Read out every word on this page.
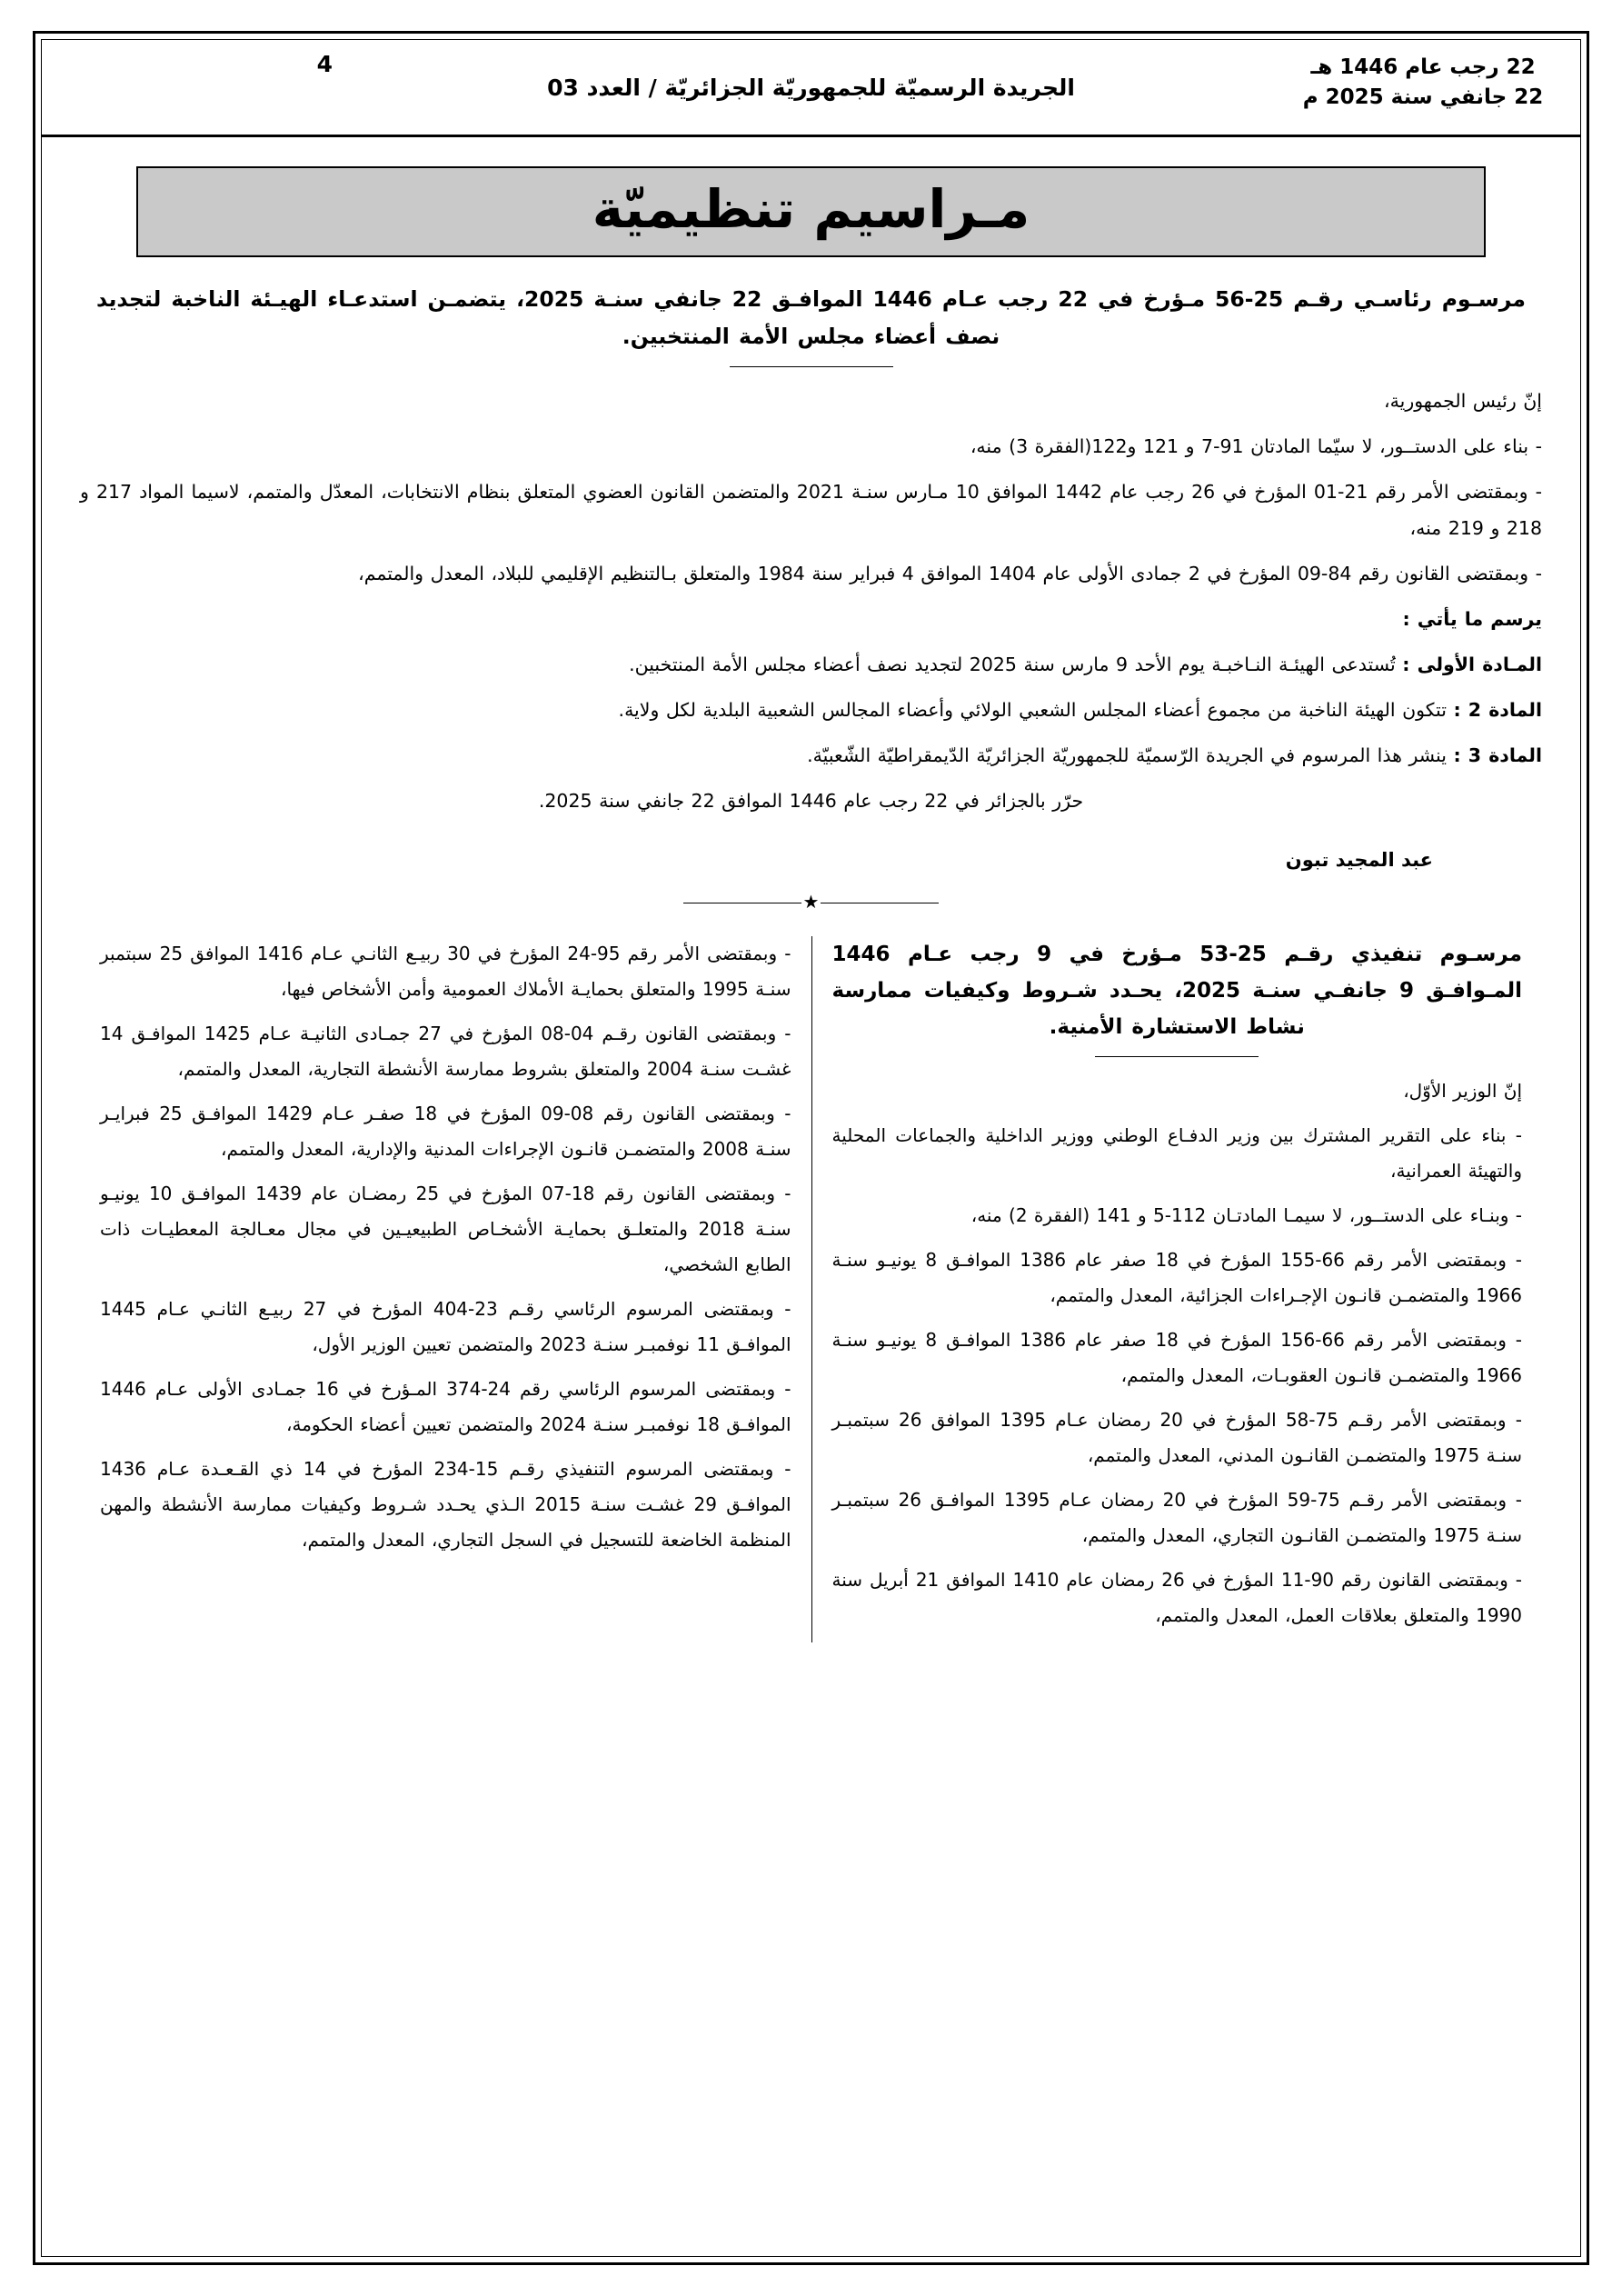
22 رجب عام 1446 هـ
22 جانفي سنة 2025 م
الجريدة الرسميّة للجمهوريّة الجزائريّة / العدد 03
4
مـراسيم تنظيميّة
مرسـوم رئاسـي رقـم 25-56 مـؤرخ في 22 رجب عـام 1446 الموافـق 22 جانفي سنـة 2025، يتضمـن استدعـاء الهيـئة الناخبة لتجديد نصف أعضاء مجلس الأمة المنتخبين.
إنّ رئيس الجمهورية،
- بناء على الدستــور، لا سيّما المادتان 91-7 و 121 و122(الفقرة 3) منه،
- وبمقتضى الأمر رقم 21-01 المؤرخ في 26 رجب عام 1442 الموافق 10 مـارس سنـة 2021 والمتضمن القانون العضوي المتعلق بنظام الانتخابات، المعدّل والمتمم، لاسيما المواد 217 و 218 و 219 منه،
- وبمقتضى القانون رقم 84-09 المؤرخ في 2 جمادى الأولى عام 1404 الموافق 4 فبراير سنة 1984 والمتعلق بـالتنظيم الإقليمي للبلاد، المعدل والمتمم،
يرسم ما يأتي :
المـادة الأولى : تُستدعى الهيئـة النـاخبـة يوم الأحد 9 مارس سنة 2025 لتجديد نصف أعضاء مجلس الأمة المنتخبين.
المادة 2 : تتكون الهيئة الناخبة من مجموع أعضاء المجلس الشعبي الولائي وأعضاء المجالس الشعبية البلدية لكل ولاية.
المادة 3 : ينشر هذا المرسوم في الجريدة الرّسميّة للجمهوريّة الجزائريّة الدّيمقراطيّة الشّعبيّة.
حرّر بالجزائر في 22 رجب عام 1446 الموافق 22 جانفي سنة 2025.
عبد المجيد تبون
★
مرسـوم تنفيذي رقـم 25-53 مـؤرخ في 9 رجب عـام 1446 المـوافـق 9 جانفـي سنـة 2025، يحـدد شـروط وكيفيات ممارسة نشاط الاستشارة الأمنية.
إنّ الوزير الأوّل،
- بناء على التقرير المشترك بين وزير الدفـاع الوطني ووزير الداخلية والجماعات المحلية والتهيئة العمرانية،
- وبنـاء على الدستــور، لا سيمـا المادتـان 112-5 و 141 (الفقرة 2) منه،
- وبمقتضى الأمر رقم 66-155 المؤرخ في 18 صفر عام 1386 الموافـق 8 يونيـو سنـة 1966 والمتضمـن قانـون الإجـراءات الجزائية، المعدل والمتمم،
- وبمقتضى الأمر رقم 66-156 المؤرخ في 18 صفر عام 1386 الموافـق 8 يونيـو سنـة 1966 والمتضمـن قانـون العقوبـات، المعدل والمتمم،
- وبمقتضى الأمر رقـم 75-58 المؤرخ في 20 رمضان عـام 1395 الموافق 26 سبتمبـر سنـة 1975 والمتضمـن القانـون المدني، المعدل والمتمم،
- وبمقتضى الأمر رقـم 75-59 المؤرخ في 20 رمضان عـام 1395 الموافـق 26 سبتمبـر سنـة 1975 والمتضمـن القانـون التجاري، المعدل والمتمم،
- وبمقتضى القانون رقم 90-11 المؤرخ في 26 رمضان عام 1410 الموافق 21 أبريل سنة 1990 والمتعلق بعلاقات العمل، المعدل والمتمم،
- وبمقتضى الأمر رقم 95-24 المؤرخ في 30 ربيـع الثانـي عـام 1416 الموافق 25 سبتمبر سنـة 1995 والمتعلق بحمايـة الأملاك العمومية وأمن الأشخاص فيها،
- وبمقتضى القانون رقـم 04-08 المؤرخ في 27 جمـادى الثانيـة عـام 1425 الموافـق 14 غشـت سنـة 2004 والمتعلق بشروط ممارسة الأنشطة التجارية، المعدل والمتمم،
- وبمقتضى القانون رقم 08-09 المؤرخ في 18 صفـر عـام 1429 الموافـق 25 فبرايـر سنـة 2008 والمتضمـن قانـون الإجراءات المدنية والإدارية، المعدل والمتمم،
- وبمقتضى القانون رقم 18-07 المؤرخ في 25 رمضـان عام 1439 الموافـق 10 يونيـو سنـة 2018 والمتعلـق بحمايـة الأشخـاص الطبيعيـين في مجال معـالجة المعطيـات ذات الطابع الشخصي،
- وبمقتضى المرسوم الرئاسي رقـم 23-404 المؤرخ في 27 ربيـع الثانـي عـام 1445 الموافـق 11 نوفمبـر سنـة 2023 والمتضمن تعيين الوزير الأول،
- وبمقتضى المرسوم الرئاسي رقم 24-374 المـؤرخ في 16 جمـادى الأولى عـام 1446 الموافـق 18 نوفمبـر سنـة 2024 والمتضمن تعيين أعضاء الحكومة،
- وبمقتضى المرسوم التنفيذي رقـم 15-234 المؤرخ في 14 ذي القـعـدة عـام 1436 الموافـق 29 غشـت سنـة 2015 الـذي يحـدد شـروط وكيفيات ممارسة الأنشطة والمهن المنظمة الخاضعة للتسجيل في السجل التجاري، المعدل والمتمم،
